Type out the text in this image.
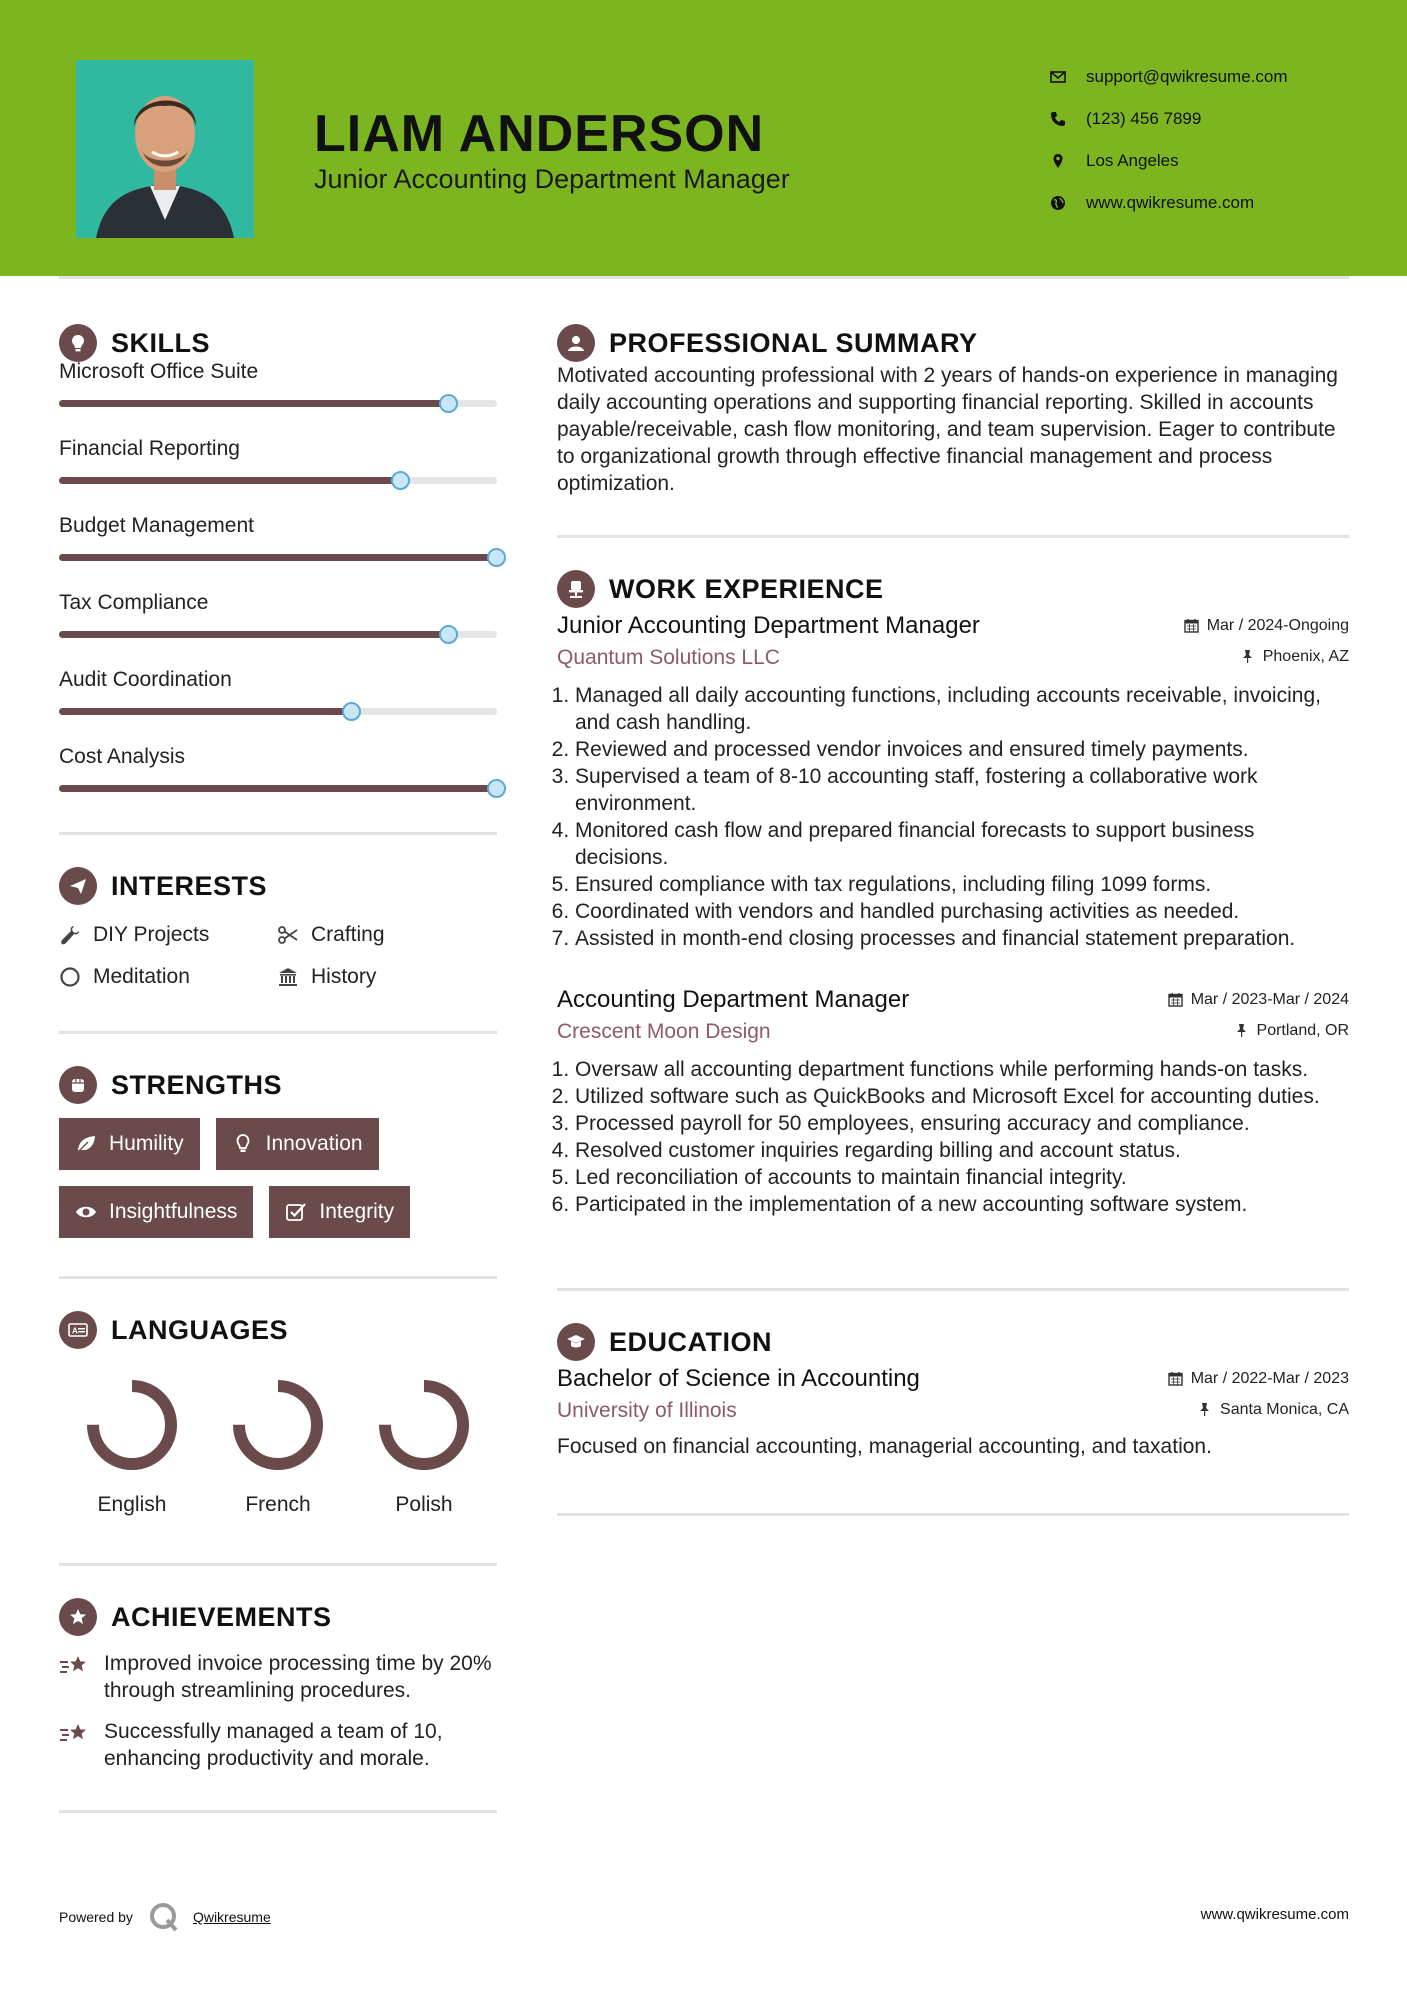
LIAM ANDERSON
Junior Accounting Department Manager
support@qwikresume.com
(123) 456 7899
Los Angeles
www.qwikresume.com
SKILLS
Microsoft Office Suite
Financial Reporting
Budget Management
Tax Compliance
Audit Coordination
Cost Analysis
INTERESTS
DIY Projects	Crafting
Meditation	History
STRENGTHS
Humility	Innovation
Insightfulness	Integrity
A LANGUAGES
English	French	Polish
ACHIEVEMENTS
Improved invoice processing time by 20% through streamlining procedures.
Successfully managed a team of 10, enhancing productivity and morale.
PROFESSIONAL SUMMARY
Motivated accounting professional with 2 years of hands-on experience in managing daily accounting operations and supporting financial reporting. Skilled in accounts payable/receivable, cash flow monitoring, and team supervision. Eager to contribute to organizational growth through effective financial management and process optimization.
WORK EXPERIENCE
Junior Accounting Department Manager	Mar / 2024-Ongoing
Quantum Solutions LLC	Phoenix, AZ
1. Managed all daily accounting functions, including accounts receivable, invoicing, and cash handling.
2. Reviewed and processed vendor invoices and ensured timely payments.
3. Supervised a team of 8-10 accounting staff, fostering a collaborative work environment.
4. Monitored cash flow and prepared financial forecasts to support business decisions.
5. Ensured compliance with tax regulations, including filing 1099 forms.
6. Coordinated with vendors and handled purchasing activities as needed.
7. Assisted in month-end closing processes and financial statement preparation.
Accounting Department Manager	Mar / 2023-Mar / 2024
Crescent Moon Design	Portland, OR
1. Oversaw all accounting department functions while performing hands-on tasks.
2. Utilized software such as QuickBooks and Microsoft Excel for accounting duties.
3. Processed payroll for 50 employees, ensuring accuracy and compliance.
4. Resolved customer inquiries regarding billing and account status.
5. Led reconciliation of accounts to maintain financial integrity.
6. Participated in the implementation of a new accounting software system.
EDUCATION
Bachelor of Science in Accounting	Mar / 2022-Mar / 2023
University of Illinois	Santa Monica, CA
Focused on financial accounting, managerial accounting, and taxation.
Powered by	Qwikresume	www.qwikresume.com
